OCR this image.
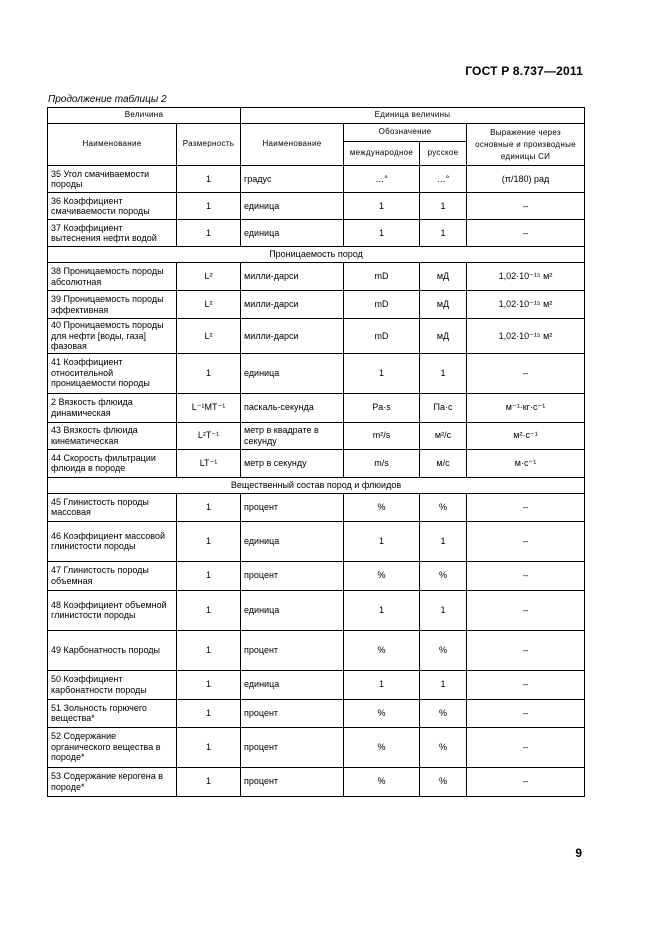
ГОСТ Р 8.737—2011
Продолжение таблицы 2
Величина		Единица величины			
Наименование	Размерность	Наименование	Обозначение		Выражение через основные и производные единицы СИ
			международное	русское	
35 Угол смачиваемости породы	1	градус	…°	…°	(π/180) рад
36 Коэффициент смачиваемости породы	1	единица	1	1	–
37 Коэффициент вытеснения нефти водой	1	единица	1	1	–
Проницаемость пород					
38 Проницаемость породы абсолютная	L²	милли-дарси	mD	мД	1,02·10⁻¹⁵ м²
39 Проницаемость породы эффективная	L²	милли-дарси	mD	мД	1,02·10⁻¹⁵ м²
40 Проницаемость породы для нефти [воды, газа] фазовая	L²	милли-дарси	mD	мД	1,02·10⁻¹⁵ м²
41 Коэффициент относительной проницаемости породы	1	единица	1	1	–
2 Вязкость флюида динамическая	L⁻¹MT⁻¹	паскаль-секунда	Pa·s	Па·с	м⁻¹·кг·с⁻¹
43 Вязкость флюида кинематическая	L²T⁻¹	метр в квадрате в секунду	m²/s	м²/с	м²·с⁻¹
44 Скорость фильтрации флюида в породе	LT⁻¹	метр в секунду	m/s	м/с	м·с⁻¹
Вещественный состав пород и флюидов					
45 Глинистость породы массовая	1	процент	%	%	–
46 Коэффициент массовой глинистости породы	1	единица	1	1	–
47 Глинистость породы объемная	1	процент	%	%	–
48 Коэффициент объемной глинистости породы	1	единица	1	1	–
49 Карбонатность породы	1	процент	%	%	–
50 Коэффициент карбонатности породы	1	единица	1	1	–
51 Зольность горючего вещества*	1	процент	%	%	–
52 Содержание органического вещества в породе*	1	процент	%	%	–
53 Содержание керогена в породе*	1	процент	%	%	–
9
